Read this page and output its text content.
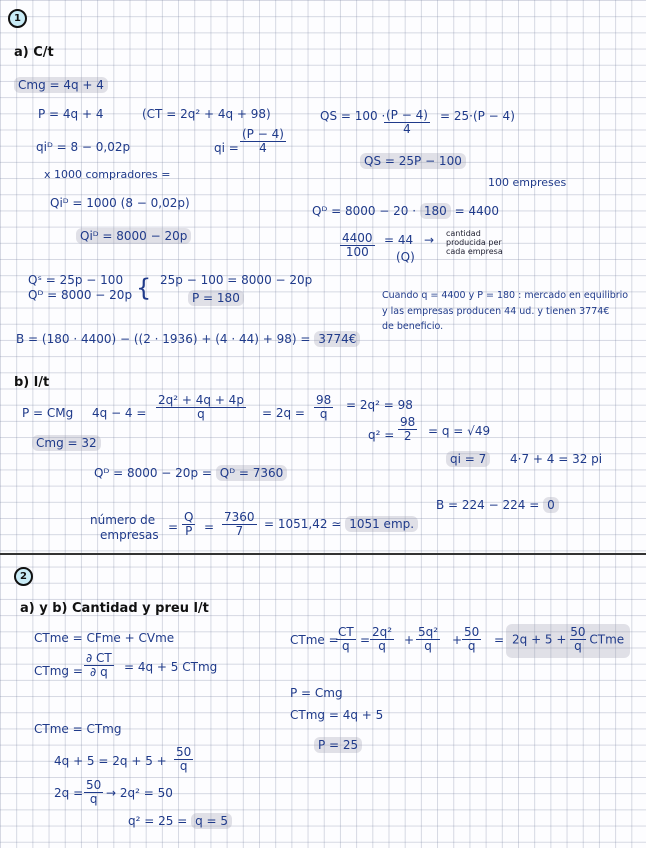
1
a) C/t
Cmg = 4q + 4
P = 4q + 4	(CT = 2q² + 4q + 98)
qi = $\frac{(P - 4)}{4}$
QS = 100 ·
$\frac{(P - 4)}{4} = 25\cdot(P - 4)$
QS = 25P − 100
qiᴰ = 8 − 0,02p
x 1000 compradores =
Qiᴰ = 1000 (8 − 0,02p)
Qiᴰ = 8000 − 20p
100 empreses
Qᴰ = 8000 − 20 · 180 = 4400
$\frac{4400}{100} = 44$
(Q)
→ cantidad producida per cada empresa
Qˢ = 25p − 100
Qᴰ = 8000 − 20p { 25p − 100 = 8000 − 20p
P = 180	Cuando q = 4400 y P = 180 : mercado en equilibrio
y las empresas producen 44 ud. y tienen 3774€
de beneficio.
B = (180 · 4400) − ((2 · 1936) + (4 · 44) + 98) = 3774€
b) l/t
P = CMg $4q - 4 = \frac{\text{2q² + 4q + 4p}}{q} = 2q = \frac{98}{q} = 2q^2 = 98$
$q^2 = \frac{98}{2} = q = √49$
qi = 7	4·7 + 4 = 32 pi
Cmg = 32
Qᴰ = 8000 − 20p = Qᴰ = 7360
B = 224 − 224 = 0
número de
empresas
= $\frac{Q}{P} = \frac{7360}{7} = 1051,42$ ≃ 1051 emp.
2
a) y b) Cantidad y preu l/t
CTme = CFme + CVme
CTmg = $\frac{\partial CT}{\partial q} = 4q + 5$ CTmg
CTme =
$\frac{CT}{q} = \frac{\text{2q²}}{q} + \frac{\text{5q²}}{q} + \frac{50}{q} = 2q + 5 + \frac{50}{q}$ CTme
P = Cmg
CTmg = 4q + 5
P = 25
CTme = CTmg
$4q + 5 = 2q + 5 + \frac{50}{q}$
$2q = \frac{50}{q} \to 2q^2 = 50$
q² = 25 = q = 5
